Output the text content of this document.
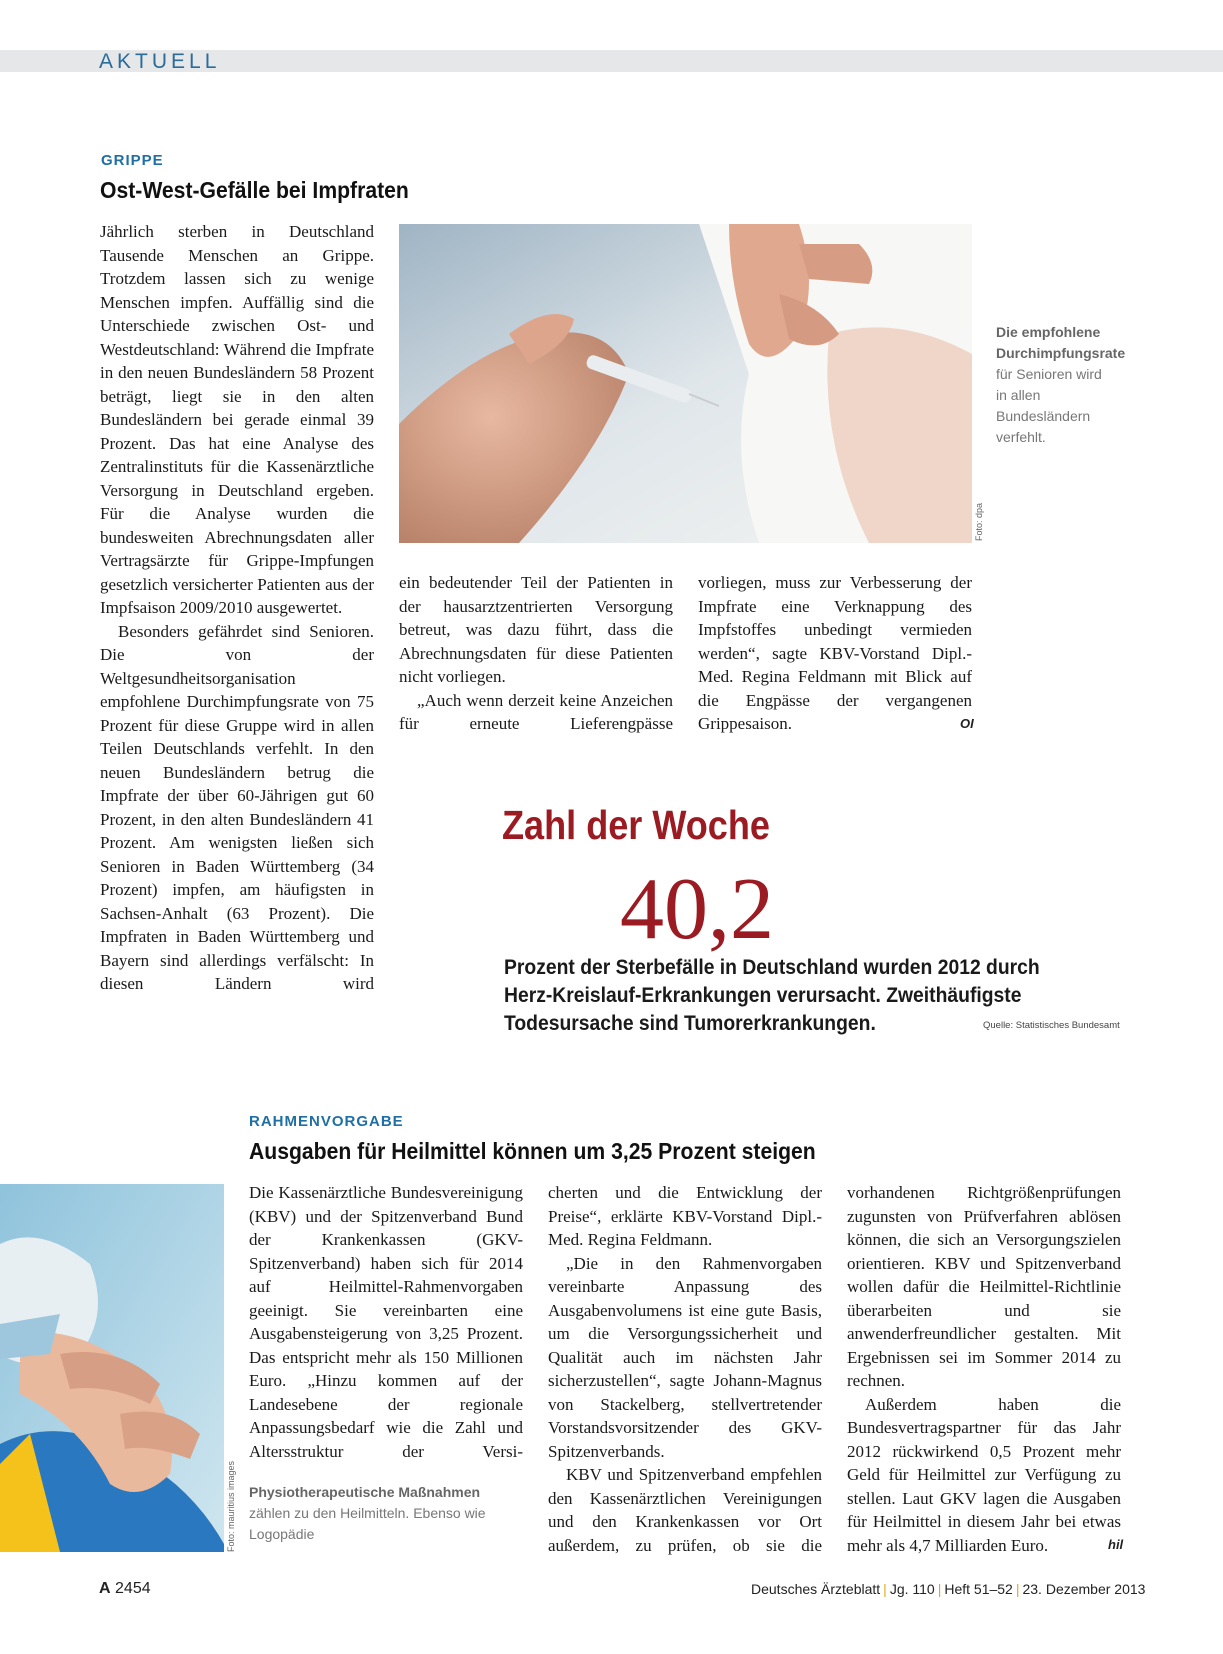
AKTUELL
GRIPPE
Ost-West-Gefälle bei Impfraten

Jährlich sterben in Deutschland Tausende Menschen an Grippe. Trotzdem lassen sich zu wenige Menschen impfen. Auffällig sind die Unterschiede zwischen Ost- und Westdeutschland: Während die Impfrate in den neuen Bundesländern 58 Prozent beträgt, liegt sie in den alten Bundesländern bei gerade einmal 39 Prozent. Das hat eine Analyse des Zentralinstituts für die Kassenärztliche Versorgung in Deutschland ergeben. Für die Analyse wurden die bundesweiten Abrechnungsdaten aller Vertragsärzte für Grippe-Impfungen gesetzlich versicherter Patienten aus der Impfsaison 2009/2010 ausgewertet.

Besonders gefährdet sind Senioren. Die von der Weltgesundheitsorganisation empfohlene Durchimpfungsrate von 75 Prozent für diese Gruppe wird in allen Teilen Deutschlands verfehlt. In den neuen Bundesländern betrug die Impfrate der über 60-Jährigen gut 60 Prozent, in den alten Bundesländern 41 Prozent. Am wenigsten ließen sich Senioren in Baden Württemberg (34 Prozent) impfen, am häufigsten in Sachsen-Anhalt (63 Prozent). Die Impfraten in Baden Württemberg und Bayern sind allerdings verfälscht: In diesen Ländern wird

Foto: dpa
Die empfohlene Durchimpfungsrate für Senioren wird in allen Bundesländern verfehlt.

ein bedeutender Teil der Patienten in der hausarztzentrierten Versorgung betreut, was dazu führt, dass die Abrechnungsdaten für diese Patienten nicht vorliegen.

„Auch wenn derzeit keine Anzeichen für erneute Lieferengpässe

vorliegen, muss zur Verbesserung der Impfrate eine Verknappung des Impfstoffes unbedingt vermieden werden“, sagte KBV-Vorstand Dipl.-Med. Regina Feldmann mit Blick auf die Engpässe der vergangenen Grippesaison.	OI
Zahl der Woche
40,2
Prozent der Sterbefälle in Deutschland wurden 2012 durch Herz-Kreislauf-Erkrankungen verursacht. Zweithäufigste Todesursache sind Tumorerkrankungen.	Quelle: Statistisches Bundesamt
RAHMENVORGABE
Ausgaben für Heilmittel können um 3,25 Prozent steigen
Foto: mauritius images Physiotherapeutische Maßnahmen zählen zu den Heilmitteln. Ebenso wie Logopädie

Die Kassenärztliche Bundesvereinigung (KBV) und der Spitzenverband Bund der Krankenkassen (GKV-Spitzenverband) haben sich für 2014 auf Heilmittel-Rahmenvorgaben geeinigt. Sie vereinbarten eine Ausgabensteigerung von 3,25 Prozent. Das entspricht mehr als 150 Millionen Euro. „Hinzu kommen auf der Landesebene der regionale Anpassungsbedarf wie die Zahl und Altersstruktur der Versi-

cherten und die Entwicklung der Preise“, erklärte KBV-Vorstand Dipl.-Med. Regina Feldmann.

„Die in den Rahmenvorgaben vereinbarte Anpassung des Ausgabenvolumens ist eine gute Basis, um die Versorgungssicherheit und Qualität auch im nächsten Jahr sicherzustellen“, sagte Johann-Magnus von Stackelberg, stellvertretender Vorstandsvorsitzender des GKV-Spitzenverbands.

KBV und Spitzenverband empfehlen den Kassenärztlichen Vereinigungen und den Krankenkassen vor Ort außerdem, zu prüfen, ob sie die

vorhandenen Richtgrößenprüfungen zugunsten von Prüfverfahren ablösen können, die sich an Versorgungszielen orientieren. KBV und Spitzenverband wollen dafür die Heilmittel-Richtlinie überarbeiten und sie anwenderfreundlicher gestalten. Mit Ergebnissen sei im Sommer 2014 zu rechnen.

Außerdem haben die Bundesvertragspartner für das Jahr 2012 rückwirkend 0,5 Prozent mehr Geld für Heilmittel zur Verfügung zu stellen. Laut GKV lagen die Ausgaben für Heilmittel in diesem Jahr bei etwas mehr als 4,7 Milliarden Euro.	hil
A 2454	Deutsches Ärzteblatt | Jg. 110 | Heft 51–52 | 23. Dezember 2013
